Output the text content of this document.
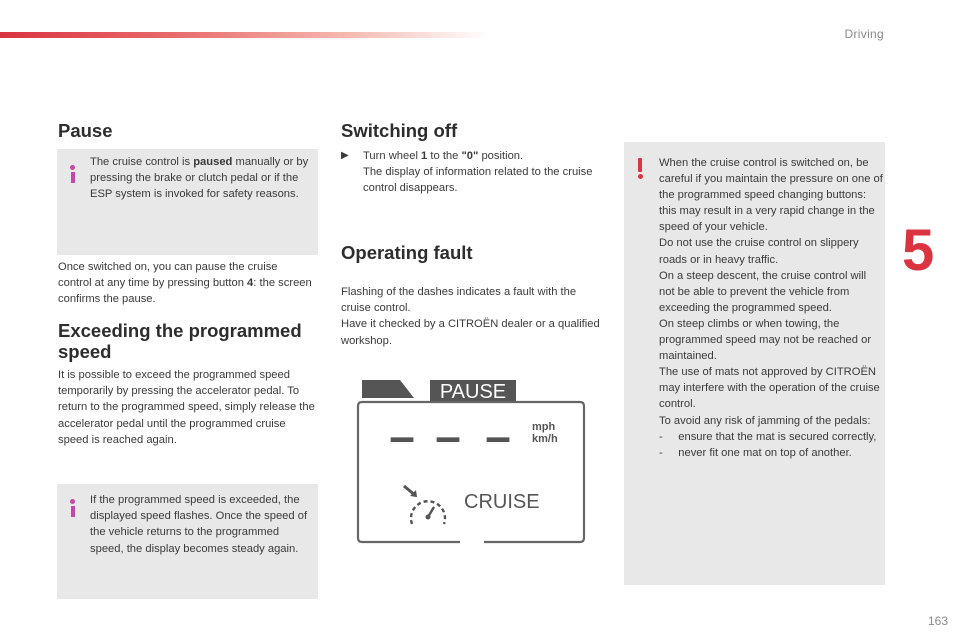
Driving
5
163
Pause
The cruise control is paused manually or by pressing the brake or clutch pedal or if the ESP system is invoked for safety reasons.
Once switched on, you can pause the cruise control at any time by pressing button 4: the screen confirms the pause.
Exceeding the programmed speed
It is possible to exceed the programmed speed temporarily by pressing the accelerator pedal. To return to the programmed speed, simply release the accelerator pedal until the programmed cruise speed is reached again.
If the programmed speed is exceeded, the displayed speed flashes. Once the speed of the vehicle returns to the programmed speed, the display becomes steady again.
Switching off
▶ Turn wheel 1 to the "0" position.
The display of information related to the cruise control disappears.
Operating fault
Flashing of the dashes indicates a fault with the cruise control.
Have it checked by a CITROËN dealer or a qualified workshop.
PAUSE
– – – mph
km/h
CRUISE

When the cruise control is switched on, be careful if you maintain the pressure on one of the programmed speed changing buttons: this may result in a very rapid change in the speed of your vehicle.

Do not use the cruise control on slippery roads or in heavy traffic.

On a steep descent, the cruise control will not be able to prevent the vehicle from exceeding the programmed speed.

On steep climbs or when towing, the programmed speed may not be reached or maintained.

The use of mats not approved by CITROËN may interfere with the operation of the cruise control.

To avoid any risk of jamming of the pedals:

-     ensure that the mat is secured correctly,

-     never fit one mat on top of another.
